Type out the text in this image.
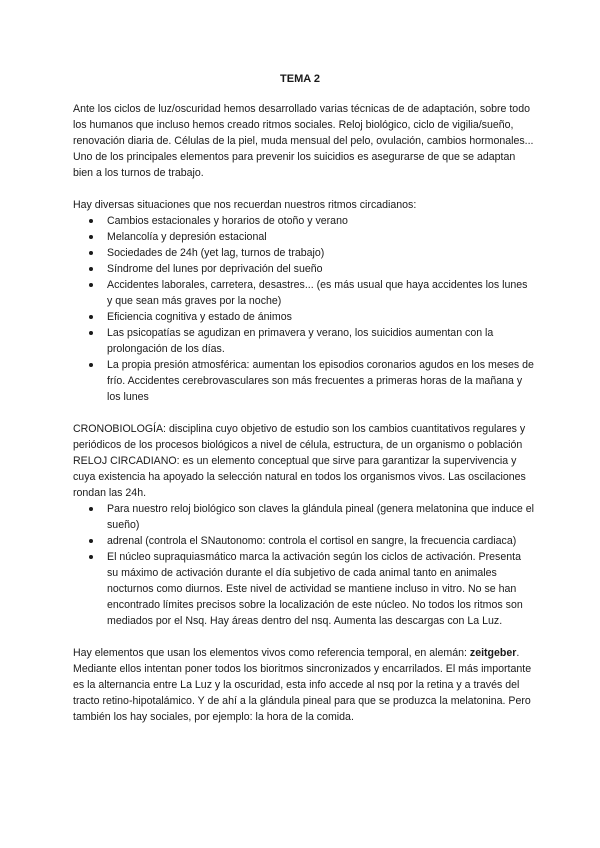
TEMA 2

Ante los ciclos de luz/oscuridad hemos desarrollado varias técnicas de de adaptación, sobre todo los humanos que incluso hemos creado ritmos sociales. Reloj biológico, ciclo de vigilia/sueño, renovación diaria de. Células de la piel, muda mensual del pelo, ovulación, cambios hormonales... Uno de los principales elementos para prevenir los suicidios es asegurarse de que se adaptan bien a los turnos de trabajo.

Hay diversas situaciones que nos recuerdan nuestros ritmos circadianos:

Cambios estacionales y horarios de otoño y verano
Melancolía y depresión estacional
Sociedades de 24h (yet lag, turnos de trabajo)
Síndrome del lunes por deprivación del sueño
Accidentes laborales, carretera, desastres... (es más usual que haya accidentes los lunes y que sean más graves por la noche)
Eficiencia cognitiva y estado de ánimos
Las psicopatías se agudizan en primavera y verano, los suicidios aumentan con la prolongación de los días.
La propia presión atmosférica: aumentan los episodios coronarios agudos en los meses de frío. Accidentes cerebrovasculares son más frecuentes a primeras horas de la mañana y los lunes

CRONOBIOLOGÍA: disciplina cuyo objetivo de estudio son los cambios cuantitativos regulares y periódicos de los procesos biológicos a nivel de célula, estructura, de un organismo o población

RELOJ CIRCADIANO: es un elemento conceptual que sirve para garantizar la supervivencia y cuya existencia ha apoyado la selección natural en todos los organismos vivos. Las oscilaciones rondan las 24h.

Para nuestro reloj biológico son claves la glándula pineal (genera melatonina que induce el sueño)
adrenal (controla el SNautonomo: controla el cortisol en sangre, la frecuencia cardiaca)
El núcleo supraquiasmático marca la activación según los ciclos de activación. Presenta su máximo de activación durante el día subjetivo de cada animal tanto en animales nocturnos como diurnos. Este nivel de actividad se mantiene incluso in vitro. No se han encontrado límites precisos sobre la localización de este núcleo. No todos los ritmos son mediados por el Nsq. Hay áreas dentro del nsq. Aumenta las descargas con La Luz.

Hay elementos que usan los elementos vivos como referencia temporal, en alemán: zeitgeber. Mediante ellos intentan poner todos los bioritmos sincronizados y encarrilados. El más importante es la alternancia entre La Luz y la oscuridad, esta info accede al nsq por la retina y a través del tracto retino-hipotalámico. Y de ahí a la glándula pineal para que se produzca la melatonina. Pero también los hay sociales, por ejemplo: la hora de la comida.
